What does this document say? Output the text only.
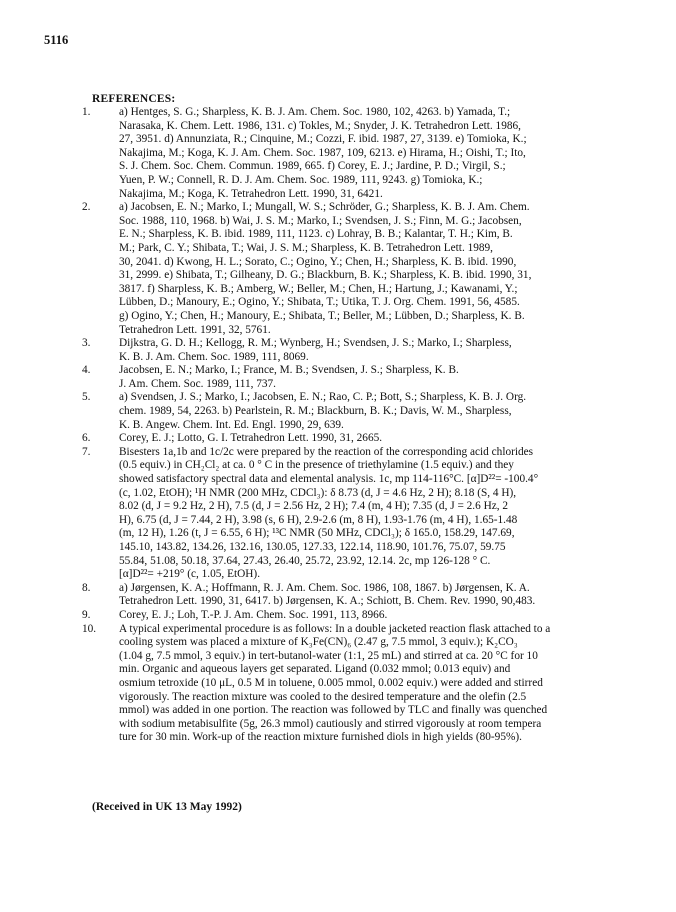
5116
REFERENCES:
1.	a) Hentges, S. G.; Sharpless, K. B. J. Am. Chem. Soc. 1980, 102, 4263. b) Yamada, T.;
Narasaka, K. Chem. Lett. 1986, 131. c) Tokles, M.; Snyder, J. K. Tetrahedron Lett. 1986,
27, 3951. d) Annunziata, R.; Cinquine, M.; Cozzi, F. ibid. 1987, 27, 3139. e) Tomioka, K.;
Nakajima, M.; Koga, K. J. Am. Chem. Soc. 1987, 109, 6213. e) Hirama, H.; Oishi, T.; Ito,
S. J. Chem. Soc. Chem. Commun. 1989, 665. f) Corey, E. J.; Jardine, P. D.; Virgil, S.;
Yuen, P. W.; Connell, R. D. J. Am. Chem. Soc. 1989, 111, 9243. g) Tomioka, K.;
Nakajima, M.; Koga, K. Tetrahedron Lett. 1990, 31, 6421.
2.	a) Jacobsen, E. N.; Marko, I.; Mungall, W. S.; Schröder, G.; Sharpless, K. B. J. Am. Chem.
Soc. 1988, 110, 1968. b) Wai, J. S. M.; Marko, I.; Svendsen, J. S.; Finn, M. G.; Jacobsen,
E. N.; Sharpless, K. B. ibid. 1989, 111, 1123. c) Lohray, B. B.; Kalantar, T. H.; Kim, B.
M.; Park, C. Y.; Shibata, T.; Wai, J. S. M.; Sharpless, K. B. Tetrahedron Lett. 1989,
30, 2041. d) Kwong, H. L.; Sorato, C.; Ogino, Y.; Chen, H.; Sharpless, K. B. ibid. 1990,
31, 2999. e) Shibata, T.; Gilheany, D. G.; Blackburn, B. K.; Sharpless, K. B. ibid. 1990, 31,
3817. f) Sharpless, K. B.; Amberg, W.; Beller, M.; Chen, H.; Hartung, J.; Kawanami, Y.;
Lübben, D.; Manoury, E.; Ogino, Y.; Shibata, T.; Utika, T. J. Org. Chem. 1991, 56, 4585.
g) Ogino, Y.; Chen, H.; Manoury, E.; Shibata, T.; Beller, M.; Lübben, D.; Sharpless, K. B.
Tetrahedron Lett. 1991, 32, 5761.
3.	Dijkstra, G. D. H.; Kellogg, R. M.; Wynberg, H.; Svendsen, J. S.; Marko, I.; Sharpless,
K. B. J. Am. Chem. Soc. 1989, 111, 8069.
4.	Jacobsen, E. N.; Marko, I.; France, M. B.; Svendsen, J. S.; Sharpless, K. B.
J. Am. Chem. Soc. 1989, 111, 737.
5.	a) Svendsen, J. S.; Marko, I.; Jacobsen, E. N.; Rao, C. P.; Bott, S.; Sharpless, K. B. J. Org.
chem. 1989, 54, 2263. b) Pearlstein, R. M.; Blackburn, B. K.; Davis, W. M., Sharpless,
K. B. Angew. Chem. Int. Ed. Engl. 1990, 29, 639.
6.	Corey, E. J.; Lotto, G. I. Tetrahedron Lett. 1990, 31, 2665.
7.	Bisesters 1a,1b and 1c/2c were prepared by the reaction of the corresponding acid chlorides
(0.5 equiv.) in CH₂Cl₂ at ca. 0 ° C in the presence of triethylamine (1.5 equiv.) and they
showed satisfactory spectral data and elemental analysis. 1c, mp 114-116°C. [α]D²²= -100.4°
(c, 1.02, EtOH); ¹H NMR (200 MHz, CDCl₃): δ 8.73 (d, J = 4.6 Hz, 2 H); 8.18 (S, 4 H),
8.02 (d, J = 9.2 Hz, 2 H), 7.5 (d, J = 2.56 Hz, 2 H); 7.4 (m, 4 H); 7.35 (d, J = 2.6 Hz, 2
H), 6.75 (d, J = 7.44, 2 H), 3.98 (s, 6 H), 2.9-2.6 (m, 8 H), 1.93-1.76 (m, 4 H), 1.65-1.48
(m, 12 H), 1.26 (t, J = 6.55, 6 H); ¹³C NMR (50 MHz, CDCl₃); δ 165.0, 158.29, 147.69,
145.10, 143.82, 134.26, 132.16, 130.05, 127.33, 122.14, 118.90, 101.76, 75.07, 59.75
55.84, 51.08, 50.18, 37.64, 27.43, 26.40, 25.72, 23.92, 12.14. 2c, mp 126-128 ° C.
[α]D²²= +219° (c, 1.05, EtOH).
8.	a) Jørgensen, K. A.; Hoffmann, R. J. Am. Chem. Soc. 1986, 108, 1867. b) Jørgensen, K. A.
Tetrahedron Lett. 1990, 31, 6417. b) Jørgensen, K. A.; Schiott, B. Chem. Rev. 1990, 90,483.
9.	Corey, E. J.; Loh, T.-P. J. Am. Chem. Soc. 1991, 113, 8966.
10. A typical experimental procedure is as follows: In a double jacketed reaction flask attached to a
cooling system was placed a mixture of K₃Fe(CN)₆ (2.47 g, 7.5 mmol, 3 equiv.); K₂CO₃
(1.04 g, 7.5 mmol, 3 equiv.) in tert-butanol-water (1:1, 25 mL) and stirred at ca. 20 °C for 10
min. Organic and aqueous layers get separated. Ligand (0.032 mmol; 0.013 equiv) and
osmium tetroxide (10 μL, 0.5 M in toluene, 0.005 mmol, 0.002 equiv.) were added and stirred
vigorously. The reaction mixture was cooled to the desired temperature and the olefin (2.5
mmol) was added in one portion. The reaction was followed by TLC and finally was quenched
with sodium metabisulfite (5g, 26.3 mmol) cautiously and stirred vigorously at room tempera
ture for 30 min. Work-up of the reaction mixture furnished diols in high yields (80-95%).
(Received in UK 13 May 1992)
